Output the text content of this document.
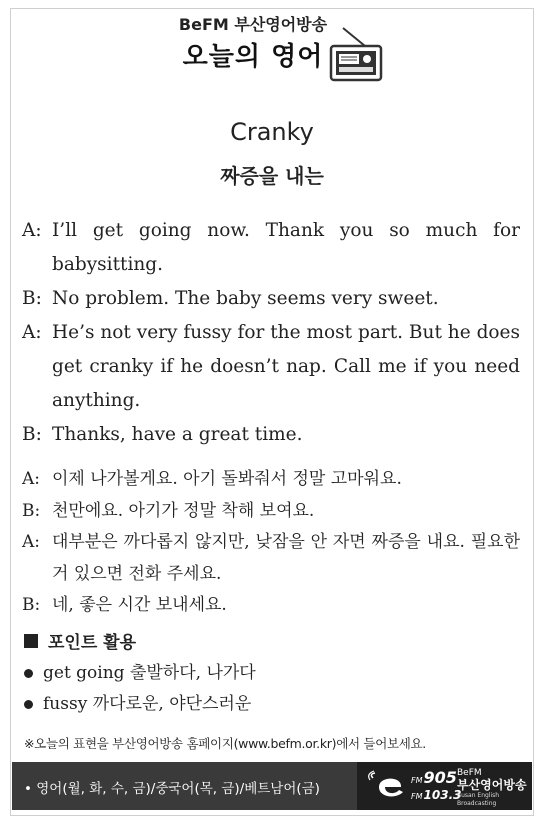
BeFM 부산영어방송
오늘의 영어
Cranky
짜증을 내는
A: I’ll get going now. Thank you so much for babysitting.
B: No problem. The baby seems very sweet.
A: He’s not very fussy for the most part. But he does get cranky if he doesn’t nap. Call me if you need anything.
B: Thanks, have a great time.
A: 이제 나가볼게요. 아기 돌봐줘서 정말 고마워요.
B: 천만에요. 아기가 정말 착해 보여요.
A: 대부분은 까다롭지 않지만, 낮잠을 안 자면 짜증을 내요. 필요한 거 있으면 전화 주세요.
B: 네, 좋은 시간 보내세요.
포인트 활용
get going 출발하다, 나가다
fussy 까다로운, 야단스러운
※오늘의 표현을 부산영어방송 홈페이지(www.befm.or.kr)에서 들어보세요.
• 영어(월, 화, 수, 금)/중국어(목, 금)/베트남어(금)
FM905
FM103.3
BeFM
부산영어방송
Busan English Broadcasting
